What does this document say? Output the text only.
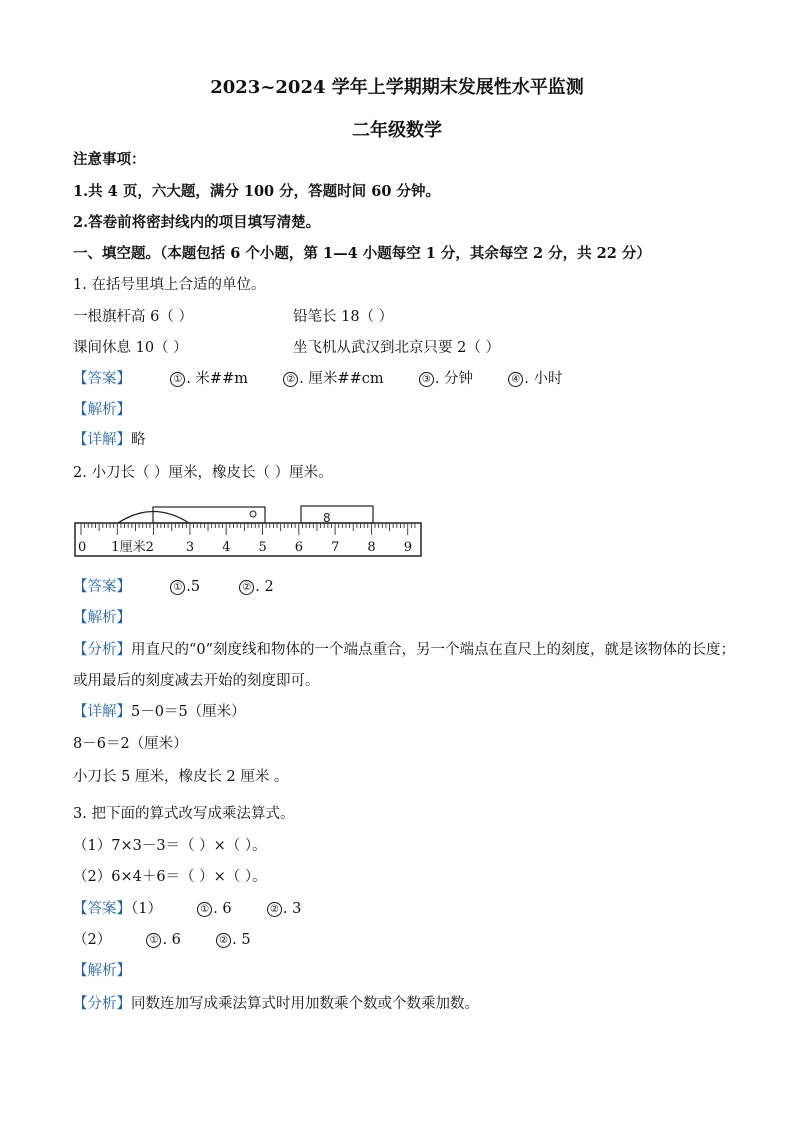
2023~2024 学年上学期期末发展性水平监测
二年级数学
注意事项：
1.共 4 页，六大题，满分 100 分，答题时间 60 分钟。
2.答卷前将密封线内的项目填写清楚。
一、填空题。（本题包括 6 个小题，第 1—4 小题每空 1 分，其余每空 2 分，共 22 分）
1. 在括号里填上合适的单位。
一根旗杆高 6（ ）	铅笔长 18（ ）
课间休息 10（ ）	坐飞机从武汉到北京只要 2（ ）
【答案】	① . 米##m	② . 厘米##cm	③ . 分钟	④ . 小时
【解析】
【详解】略
2. 小刀长（ ）厘米，橡皮长（ ）厘米。
8
0 1厘米2 3 4 5 6 7 8 9
【答案】	① .5	② . 2
【解析】
【分析】用直尺的“0”刻度线和物体的一个端点重合，另一个端点在直尺上的刻度，就是该物体的长度；
或用最后的刻度减去开始的刻度即可。
【详解】5－0＝5（厘米）
8－6＝2（厘米）
小刀长 5 厘米，橡皮长 2 厘米 。
3. 把下面的算式改写成乘法算式。
（1）7×3－3＝（ ）×（ ）。
（2）6×4＋6＝（ ）×（ ）。
【答案】（1）	① . 6	② . 3
（2）	① . 6	② . 5
【解析】
【分析】同数连加写成乘法算式时用加数乘个数或个数乘加数。
